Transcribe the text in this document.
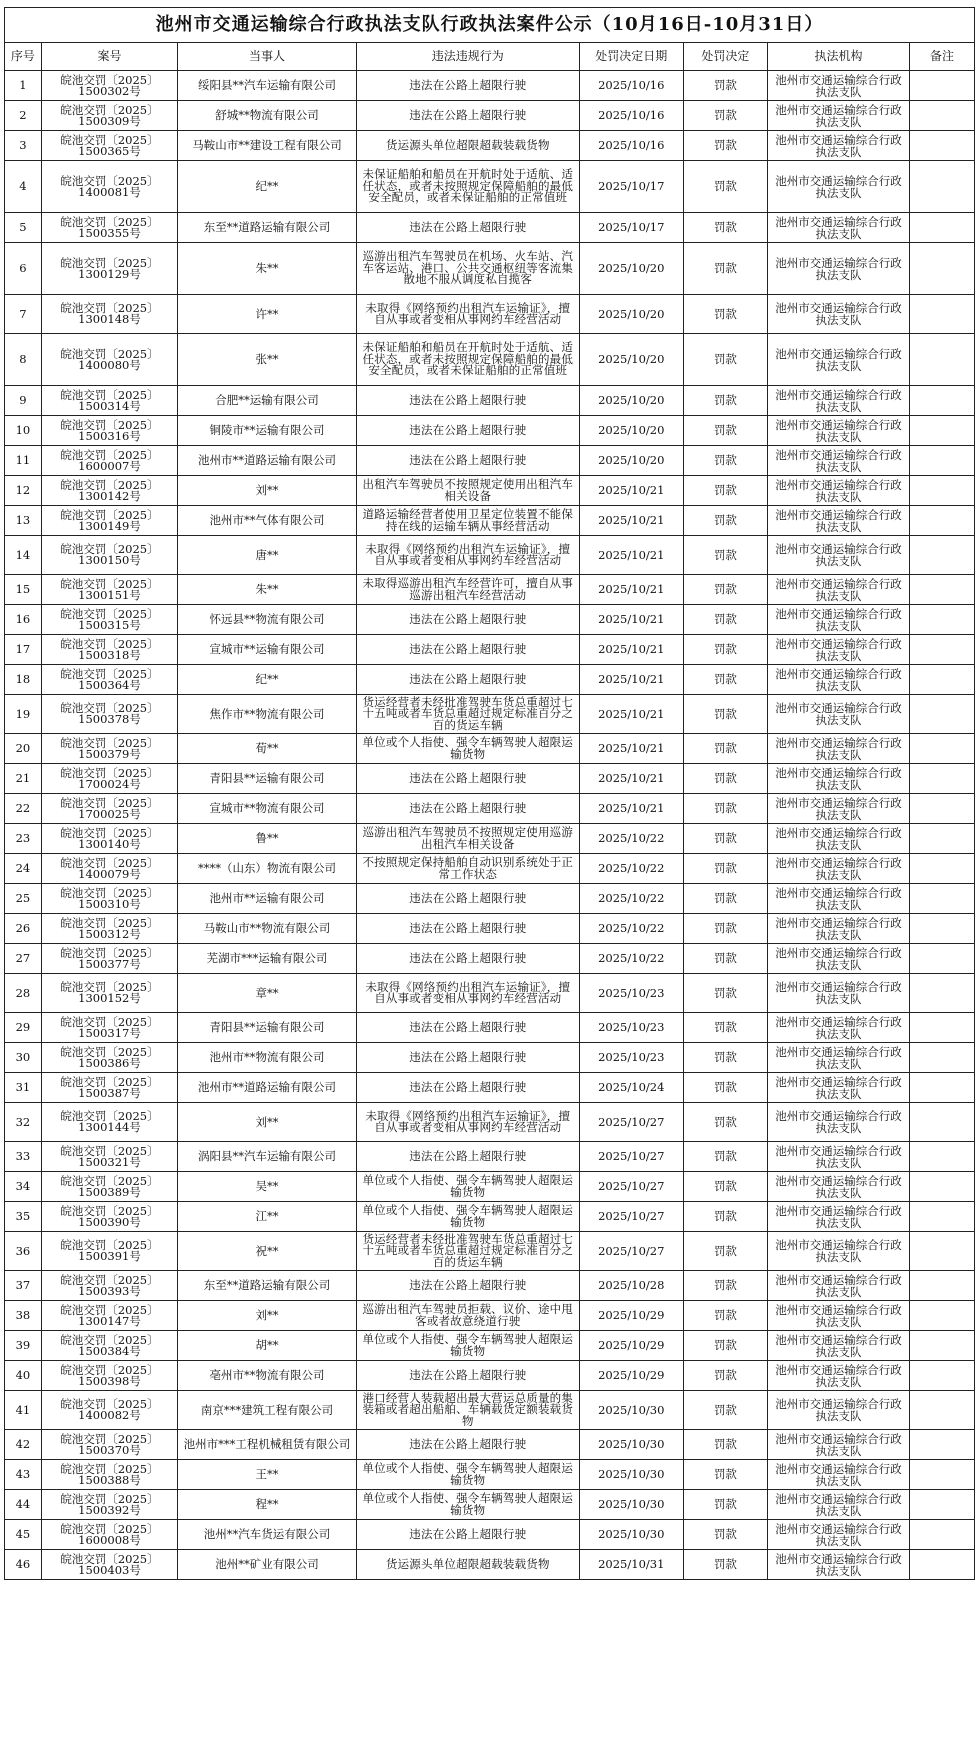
池州市交通运输综合行政执法支队行政执法案件公示（10月16日-10月31日）							
序号	案号	当事人	违法违规行为	处罚决定日期	处罚决定	执法机构	备注
1	皖池交罚〔2025〕1500302号	绥阳县**汽车运输有限公司	违法在公路上超限行驶	2025/10/16	罚款	池州市交通运输综合行政执法支队	
2	皖池交罚〔2025〕1500309号	舒城**物流有限公司	违法在公路上超限行驶	2025/10/16	罚款	池州市交通运输综合行政执法支队	
3	皖池交罚〔2025〕1500365号	马鞍山市**建设工程有限公司	货运源头单位超限超载装载货物	2025/10/16	罚款	池州市交通运输综合行政执法支队	
4	皖池交罚〔2025〕1400081号	纪**	未保证船舶和船员在开航时处于适航、适任状态，或者未按照规定保障船舶的最低安全配员，或者未保证船舶的正常值班	2025/10/17	罚款	池州市交通运输综合行政执法支队	
5	皖池交罚〔2025〕1500355号	东至**道路运输有限公司	违法在公路上超限行驶	2025/10/17	罚款	池州市交通运输综合行政执法支队	
6	皖池交罚〔2025〕1300129号	朱**	巡游出租汽车驾驶员在机场、火车站、汽车客运站、港口、公共交通枢纽等客流集散地不服从调度私自揽客	2025/10/20	罚款	池州市交通运输综合行政执法支队	
7	皖池交罚〔2025〕1300148号	许**	未取得《网络预约出租汽车运输证》，擅自从事或者变相从事网约车经营活动	2025/10/20	罚款	池州市交通运输综合行政执法支队	
8	皖池交罚〔2025〕1400080号	张**	未保证船舶和船员在开航时处于适航、适任状态，或者未按照规定保障船舶的最低安全配员，或者未保证船舶的正常值班	2025/10/20	罚款	池州市交通运输综合行政执法支队	
9	皖池交罚〔2025〕1500314号	合肥**运输有限公司	违法在公路上超限行驶	2025/10/20	罚款	池州市交通运输综合行政执法支队	
10	皖池交罚〔2025〕1500316号	铜陵市**运输有限公司	违法在公路上超限行驶	2025/10/20	罚款	池州市交通运输综合行政执法支队	
11	皖池交罚〔2025〕1600007号	池州市**道路运输有限公司	违法在公路上超限行驶	2025/10/20	罚款	池州市交通运输综合行政执法支队	
12	皖池交罚〔2025〕1300142号	刘**	出租汽车驾驶员不按照规定使用出租汽车相关设备	2025/10/21	罚款	池州市交通运输综合行政执法支队	
13	皖池交罚〔2025〕1300149号	池州市**气体有限公司	道路运输经营者使用卫星定位装置不能保持在线的运输车辆从事经营活动	2025/10/21	罚款	池州市交通运输综合行政执法支队	
14	皖池交罚〔2025〕1300150号	唐**	未取得《网络预约出租汽车运输证》，擅自从事或者变相从事网约车经营活动	2025/10/21	罚款	池州市交通运输综合行政执法支队	
15	皖池交罚〔2025〕1300151号	朱**	未取得巡游出租汽车经营许可，擅自从事巡游出租汽车经营活动	2025/10/21	罚款	池州市交通运输综合行政执法支队	
16	皖池交罚〔2025〕1500315号	怀远县**物流有限公司	违法在公路上超限行驶	2025/10/21	罚款	池州市交通运输综合行政执法支队	
17	皖池交罚〔2025〕1500318号	宣城市**运输有限公司	违法在公路上超限行驶	2025/10/21	罚款	池州市交通运输综合行政执法支队	
18	皖池交罚〔2025〕1500364号	纪**	违法在公路上超限行驶	2025/10/21	罚款	池州市交通运输综合行政执法支队	
19	皖池交罚〔2025〕1500378号	焦作市**物流有限公司	货运经营者未经批准驾驶车货总重超过七十五吨或者车货总重超过规定标准百分之百的货运车辆	2025/10/21	罚款	池州市交通运输综合行政执法支队	
20	皖池交罚〔2025〕1500379号	荀**	单位或个人指使、强令车辆驾驶人超限运输货物	2025/10/21	罚款	池州市交通运输综合行政执法支队	
21	皖池交罚〔2025〕1700024号	青阳县**运输有限公司	违法在公路上超限行驶	2025/10/21	罚款	池州市交通运输综合行政执法支队	
22	皖池交罚〔2025〕1700025号	宣城市**物流有限公司	违法在公路上超限行驶	2025/10/21	罚款	池州市交通运输综合行政执法支队	
23	皖池交罚〔2025〕1300140号	鲁**	巡游出租汽车驾驶员不按照规定使用巡游出租汽车相关设备	2025/10/22	罚款	池州市交通运输综合行政执法支队	
24	皖池交罚〔2025〕1400079号	****（山东）物流有限公司	不按照规定保持船舶自动识别系统处于正常工作状态	2025/10/22	罚款	池州市交通运输综合行政执法支队	
25	皖池交罚〔2025〕1500310号	池州市**运输有限公司	违法在公路上超限行驶	2025/10/22	罚款	池州市交通运输综合行政执法支队	
26	皖池交罚〔2025〕1500312号	马鞍山市**物流有限公司	违法在公路上超限行驶	2025/10/22	罚款	池州市交通运输综合行政执法支队	
27	皖池交罚〔2025〕1500377号	芜湖市***运输有限公司	违法在公路上超限行驶	2025/10/22	罚款	池州市交通运输综合行政执法支队	
28	皖池交罚〔2025〕1300152号	章**	未取得《网络预约出租汽车运输证》，擅自从事或者变相从事网约车经营活动	2025/10/23	罚款	池州市交通运输综合行政执法支队	
29	皖池交罚〔2025〕1500317号	青阳县**运输有限公司	违法在公路上超限行驶	2025/10/23	罚款	池州市交通运输综合行政执法支队	
30	皖池交罚〔2025〕1500386号	池州市**物流有限公司	违法在公路上超限行驶	2025/10/23	罚款	池州市交通运输综合行政执法支队	
31	皖池交罚〔2025〕1500387号	池州市**道路运输有限公司	违法在公路上超限行驶	2025/10/24	罚款	池州市交通运输综合行政执法支队	
32	皖池交罚〔2025〕1300144号	刘**	未取得《网络预约出租汽车运输证》，擅自从事或者变相从事网约车经营活动	2025/10/27	罚款	池州市交通运输综合行政执法支队	
33	皖池交罚〔2025〕1500321号	涡阳县**汽车运输有限公司	违法在公路上超限行驶	2025/10/27	罚款	池州市交通运输综合行政执法支队	
34	皖池交罚〔2025〕1500389号	吴**	单位或个人指使、强令车辆驾驶人超限运输货物	2025/10/27	罚款	池州市交通运输综合行政执法支队	
35	皖池交罚〔2025〕1500390号	江**	单位或个人指使、强令车辆驾驶人超限运输货物	2025/10/27	罚款	池州市交通运输综合行政执法支队	
36	皖池交罚〔2025〕1500391号	祝**	货运经营者未经批准驾驶车货总重超过七十五吨或者车货总重超过规定标准百分之百的货运车辆	2025/10/27	罚款	池州市交通运输综合行政执法支队	
37	皖池交罚〔2025〕1500393号	东至**道路运输有限公司	违法在公路上超限行驶	2025/10/28	罚款	池州市交通运输综合行政执法支队	
38	皖池交罚〔2025〕1300147号	刘**	巡游出租汽车驾驶员拒载、议价、途中甩客或者故意绕道行驶	2025/10/29	罚款	池州市交通运输综合行政执法支队	
39	皖池交罚〔2025〕1500384号	胡**	单位或个人指使、强令车辆驾驶人超限运输货物	2025/10/29	罚款	池州市交通运输综合行政执法支队	
40	皖池交罚〔2025〕1500398号	亳州市**物流有限公司	违法在公路上超限行驶	2025/10/29	罚款	池州市交通运输综合行政执法支队	
41	皖池交罚〔2025〕1400082号	南京***建筑工程有限公司	港口经营人装载超出最大营运总质量的集装箱或者超出船舶、车辆载货定额装载货物	2025/10/30	罚款	池州市交通运输综合行政执法支队	
42	皖池交罚〔2025〕1500370号	池州市***工程机械租赁有限公司	违法在公路上超限行驶	2025/10/30	罚款	池州市交通运输综合行政执法支队	
43	皖池交罚〔2025〕1500388号	王**	单位或个人指使、强令车辆驾驶人超限运输货物	2025/10/30	罚款	池州市交通运输综合行政执法支队	
44	皖池交罚〔2025〕1500392号	程**	单位或个人指使、强令车辆驾驶人超限运输货物	2025/10/30	罚款	池州市交通运输综合行政执法支队	
45	皖池交罚〔2025〕1600008号	池州**汽车货运有限公司	违法在公路上超限行驶	2025/10/30	罚款	池州市交通运输综合行政执法支队	
46	皖池交罚〔2025〕1500403号	池州**矿业有限公司	货运源头单位超限超载装载货物	2025/10/31	罚款	池州市交通运输综合行政执法支队	
